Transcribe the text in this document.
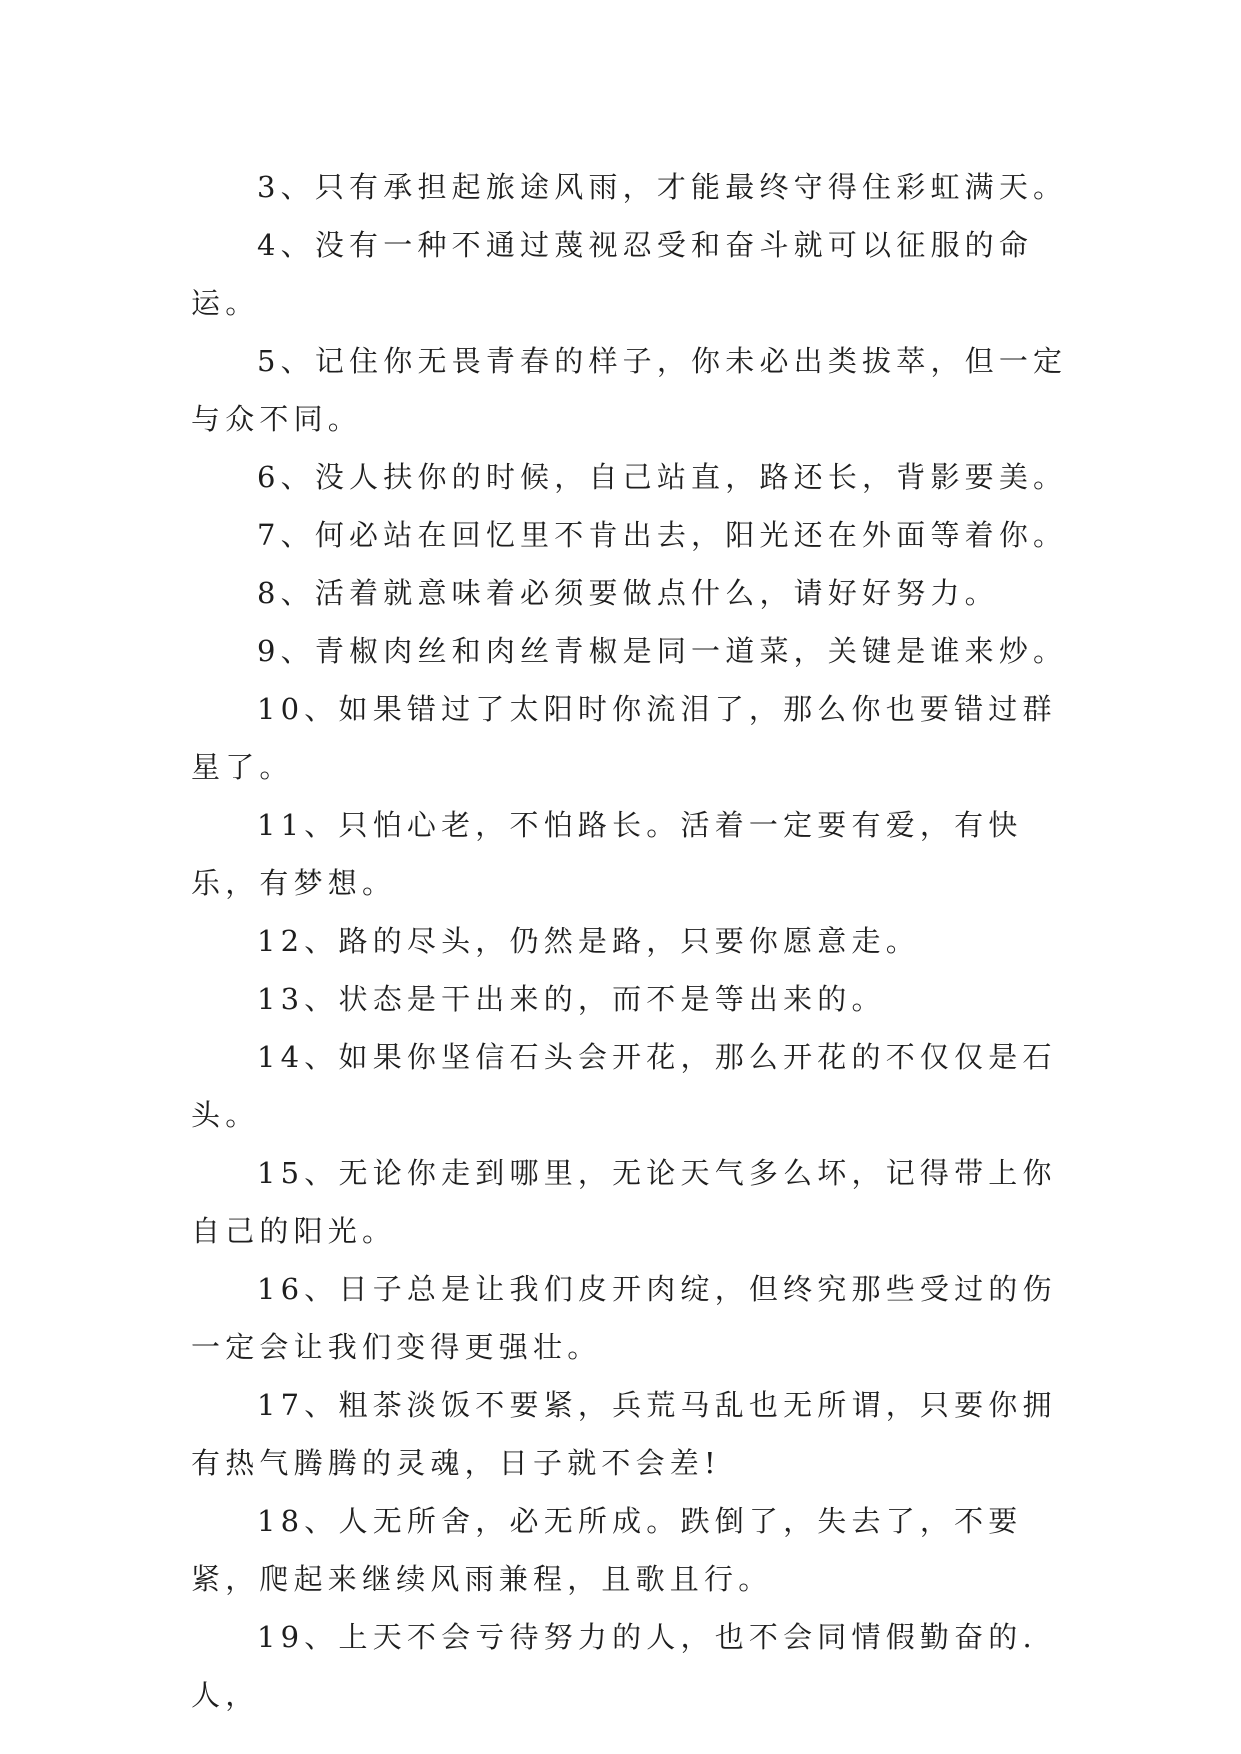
3、只有承担起旅途风雨，才能最终守得住彩虹满天。

4、没有一种不通过蔑视忍受和奋斗就可以征服的命运。

5、记住你无畏青春的样子，你未必出类拔萃，但一定与众不同。

6、没人扶你的时候，自己站直，路还长，背影要美。

7、何必站在回忆里不肯出去，阳光还在外面等着你。

8、活着就意味着必须要做点什么，请好好努力。

9、青椒肉丝和肉丝青椒是同一道菜，关键是谁来炒。

10、如果错过了太阳时你流泪了，那么你也要错过群星了。

11、只怕心老，不怕路长。活着一定要有爱，有快乐，有梦想。

12、路的尽头，仍然是路，只要你愿意走。

13、状态是干出来的，而不是等出来的。

14、如果你坚信石头会开花，那么开花的不仅仅是石头。

15、无论你走到哪里，无论天气多么坏，记得带上你自己的阳光。

16、日子总是让我们皮开肉绽，但终究那些受过的伤一定会让我们变得更强壮。

17、粗茶淡饭不要紧，兵荒马乱也无所谓，只要你拥有热气腾腾的灵魂，日子就不会差!

18、人无所舍，必无所成。跌倒了，失去了，不要紧，爬起来继续风雨兼程，且歌且行。

19、上天不会亏待努力的人，也不会同情假勤奋的.人，
